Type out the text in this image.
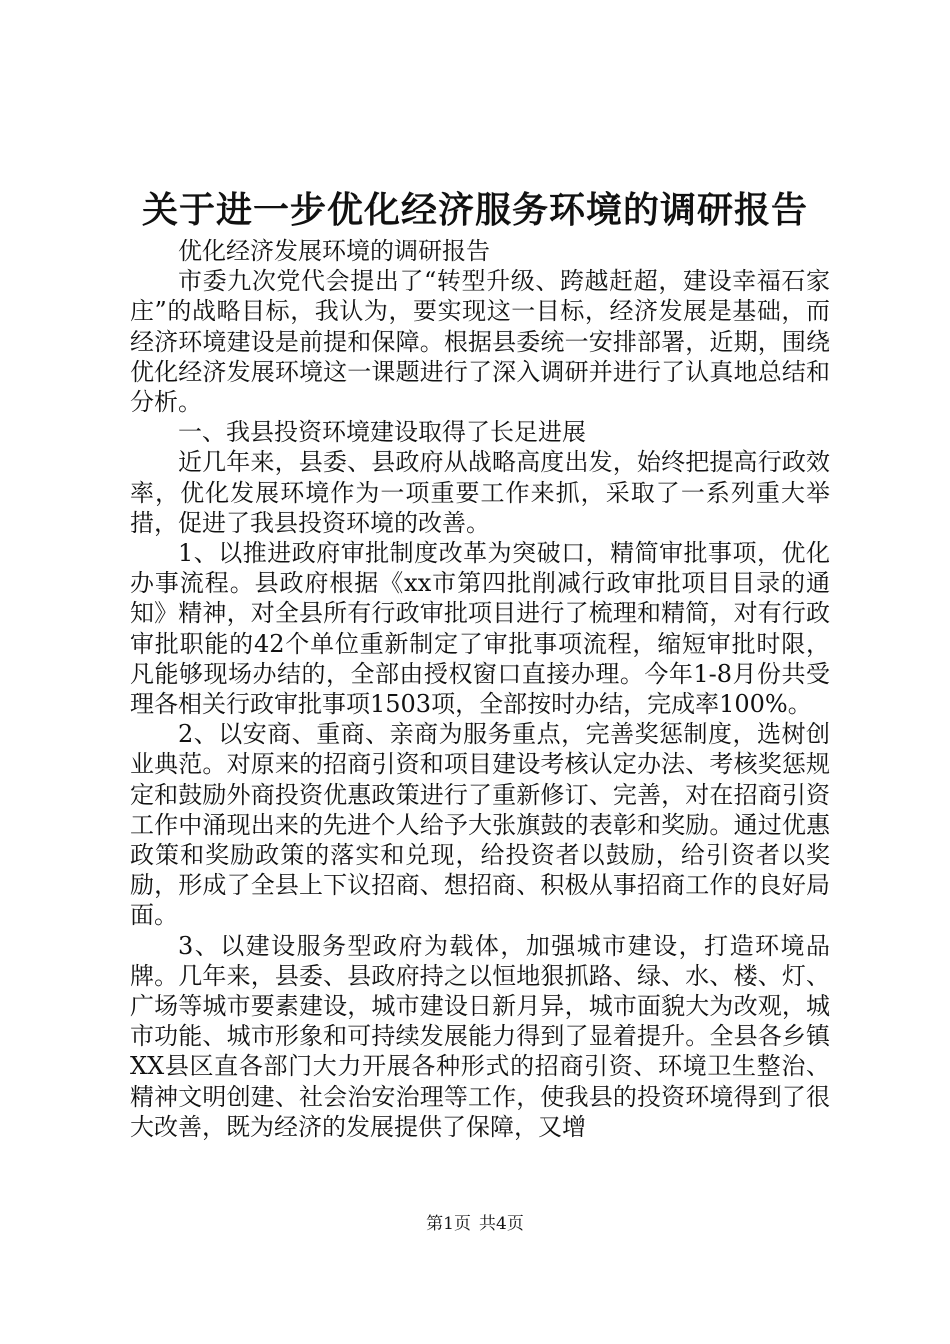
关于进一步优化经济服务环境的调研报告

优化经济发展环境的调研报告

市委九次党代会提出了“转型升级、跨越赶超，建设幸福石家庄”的战略目标，我认为，要实现这一目标，经济发展是基础，而经济环境建设是前提和保障。根据县委统一安排部署，近期，围绕优化经济发展环境这一课题进行了深入调研并进行了认真地总结和分析。

一、我县投资环境建设取得了长足进展

近几年来，县委、县政府从战略高度出发，始终把提高行政效率，优化发展环境作为一项重要工作来抓，采取了一系列重大举措，促进了我县投资环境的改善。

1、以推进政府审批制度改革为突破口，精简审批事项，优化办事流程。县政府根据《xx市第四批削减行政审批项目目录的通知》精神，对全县所有行政审批项目进行了梳理和精简，对有行政审批职能的42个单位重新制定了审批事项流程，缩短审批时限，凡能够现场办结的，全部由授权窗口直接办理。今年1-8月份共受理各相关行政审批事项1503项，全部按时办结，完成率100%。

2、以安商、重商、亲商为服务重点，完善奖惩制度，选树创业典范。对原来的招商引资和项目建设考核认定办法、考核奖惩规定和鼓励外商投资优惠政策进行了重新修订、完善，对在招商引资工作中涌现出来的先进个人给予大张旗鼓的表彰和奖励。通过优惠政策和奖励政策的落实和兑现，给投资者以鼓励，给引资者以奖励，形成了全县上下议招商、想招商、积极从事招商工作的良好局面。

3、以建设服务型政府为载体，加强城市建设，打造环境品牌。几年来，县委、县政府持之以恒地狠抓路、绿、水、楼、灯、广场等城市要素建设，城市建设日新月异，城市面貌大为改观，城市功能、城市形象和可持续发展能力得到了显着提升。全县各乡镇XX县区直各部门大力开展各种形式的招商引资、环境卫生整治、精神文明创建、社会治安治理等工作，使我县的投资环境得到了很大改善，既为经济的发展提供了保障，又增

第1页 共4页
